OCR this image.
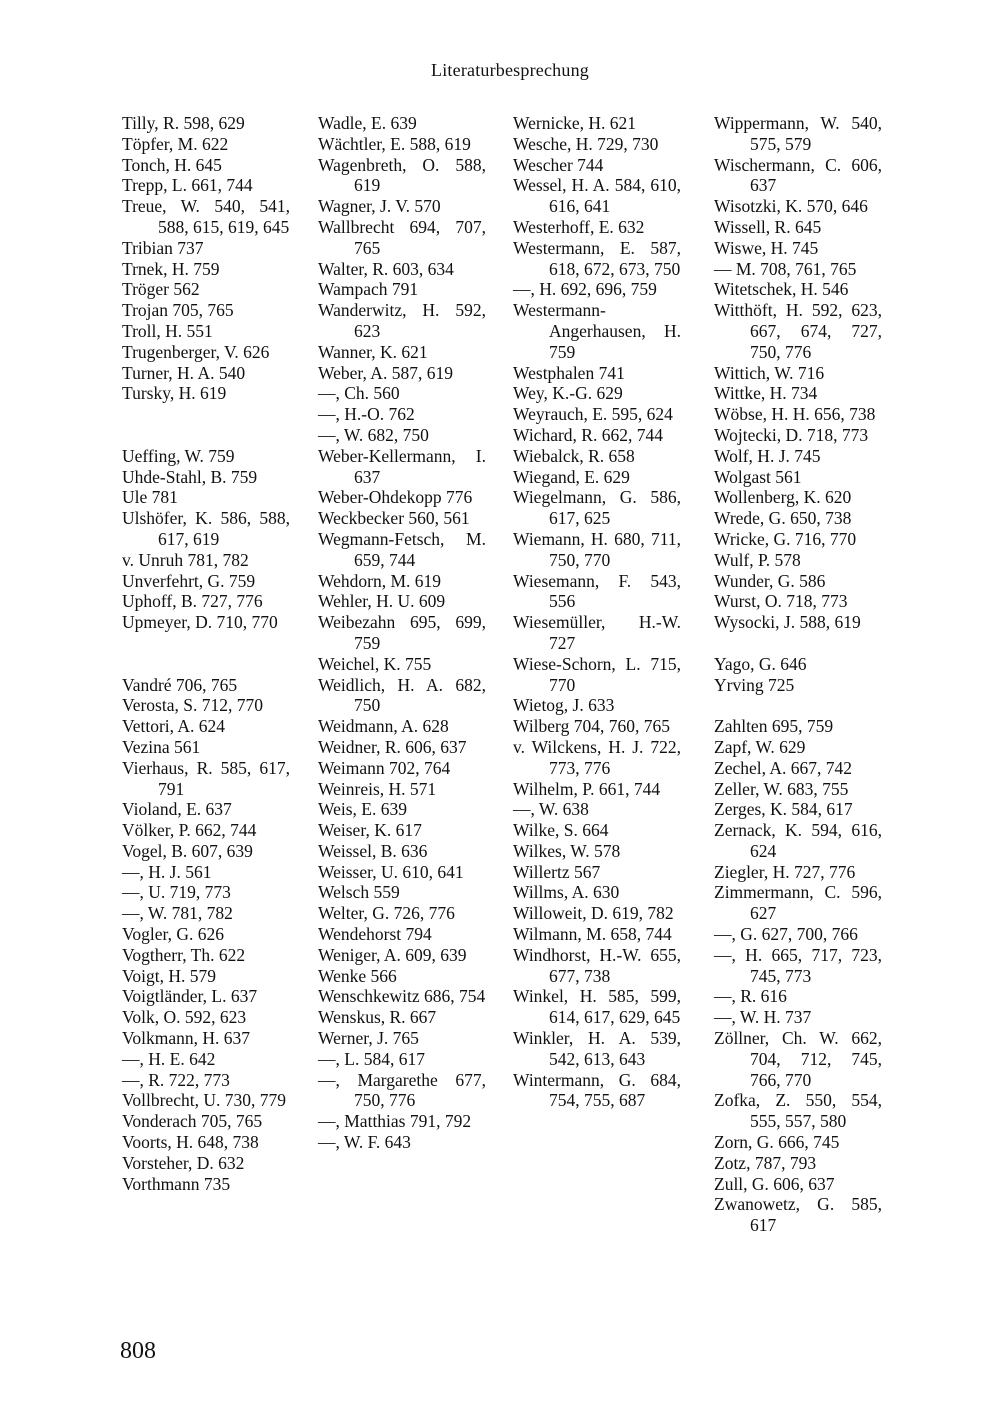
Literaturbesprechung
Tilly, R. 598, 629
Töpfer, M. 622
Tonch, H. 645
Trepp, L. 661, 744
Treue, W. 540, 541, 588, 615, 619, 645
Tribian 737
Trnek, H. 759
Tröger 562
Trojan 705, 765
Troll, H. 551
Trugenberger, V. 626
Turner, H. A. 540
Tursky, H. 619
Ueffing, W. 759
Uhde-Stahl, B. 759
Ule 781
Ulshöfer, K. 586, 588, 617, 619
v. Unruh 781, 782
Unverfehrt, G. 759
Uphoff, B. 727, 776
Upmeyer, D. 710, 770
Vandré 706, 765
Verosta, S. 712, 770
Vettori, A. 624
Vezina 561
Vierhaus, R. 585, 617, 791
Violand, E. 637
Völker, P. 662, 744
Vogel, B. 607, 639
—, H. J. 561
—, U. 719, 773
—, W. 781, 782
Vogler, G. 626
Vogtherr, Th. 622
Voigt, H. 579
Voigtländer, L. 637
Volk, O. 592, 623
Volkmann, H. 637
—, H. E. 642
—, R. 722, 773
Vollbrecht, U. 730, 779
Vonderach 705, 765
Voorts, H. 648, 738
Vorsteher, D. 632
Vorthmann 735
Wadle, E. 639
Wächtler, E. 588, 619
Wagenbreth, O. 588, 619
Wagner, J. V. 570
Wallbrecht 694, 707, 765
Walter, R. 603, 634
Wampach 791
Wanderwitz, H. 592, 623
Wanner, K. 621
Weber, A. 587, 619
—, Ch. 560
—, H.-O. 762
—, W. 682, 750
Weber-Kellermann, I. 637
Weber-Ohdekopp 776
Weckbecker 560, 561
Wegmann-Fetsch, M. 659, 744
Wehdorn, M. 619
Wehler, H. U. 609
Weibezahn 695, 699, 759
Weichel, K. 755
Weidlich, H. A. 682, 750
Weidmann, A. 628
Weidner, R. 606, 637
Weimann 702, 764
Weinreis, H. 571
Weis, E. 639
Weiser, K. 617
Weissel, B. 636
Weisser, U. 610, 641
Welsch 559
Welter, G. 726, 776
Wendehorst 794
Weniger, A. 609, 639
Wenke 566
Wenschkewitz 686, 754
Wenskus, R. 667
Werner, J. 765
—, L. 584, 617
—, Margarethe 677, 750, 776
—, Matthias 791, 792
—, W. F. 643
Wernicke, H. 621
Wesche, H. 729, 730
Wescher 744
Wessel, H. A. 584, 610, 616, 641
Westerhoff, E. 632
Westermann, E. 587, 618, 672, 673, 750
—, H. 692, 696, 759
Westermann-Angerhausen, H. 759
Westphalen 741
Wey, K.-G. 629
Weyrauch, E. 595, 624
Wichard, R. 662, 744
Wiebalck, R. 658
Wiegand, E. 629
Wiegelmann, G. 586, 617, 625
Wiemann, H. 680, 711, 750, 770
Wiesemann, F. 543, 556
Wiesemüller, H.-W. 727
Wiese-Schorn, L. 715, 770
Wietog, J. 633
Wilberg 704, 760, 765
v. Wilckens, H. J. 722, 773, 776
Wilhelm, P. 661, 744
—, W. 638
Wilke, S. 664
Wilkes, W. 578
Willertz 567
Willms, A. 630
Willoweit, D. 619, 782
Wilmann, M. 658, 744
Windhorst, H.-W. 655, 677, 738
Winkel, H. 585, 599, 614, 617, 629, 645
Winkler, H. A. 539, 542, 613, 643
Wintermann, G. 684, 754, 755, 687
Wippermann, W. 540, 575, 579
Wischermann, C. 606, 637
Wisotzki, K. 570, 646
Wissell, R. 645
Wiswe, H. 745
— M. 708, 761, 765
Witetschek, H. 546
Witthöft, H. 592, 623, 667, 674, 727, 750, 776
Wittich, W. 716
Wittke, H. 734
Wöbse, H. H. 656, 738
Wojtecki, D. 718, 773
Wolf, H. J. 745
Wolgast 561
Wollenberg, K. 620
Wrede, G. 650, 738
Wricke, G. 716, 770
Wulf, P. 578
Wunder, G. 586
Wurst, O. 718, 773
Wysocki, J. 588, 619
Yago, G. 646
Yrving 725
Zahlten 695, 759
Zapf, W. 629
Zechel, A. 667, 742
Zeller, W. 683, 755
Zerges, K. 584, 617
Zernack, K. 594, 616, 624
Ziegler, H. 727, 776
Zimmermann, C. 596, 627
—, G. 627, 700, 766
—, H. 665, 717, 723, 745, 773
—, R. 616
—, W. H. 737
Zöllner, Ch. W. 662, 704, 712, 745, 766, 770
Zofka, Z. 550, 554, 555, 557, 580
Zorn, G. 666, 745
Zotz, 787, 793
Zull, G. 606, 637
Zwanowetz, G. 585, 617
808
